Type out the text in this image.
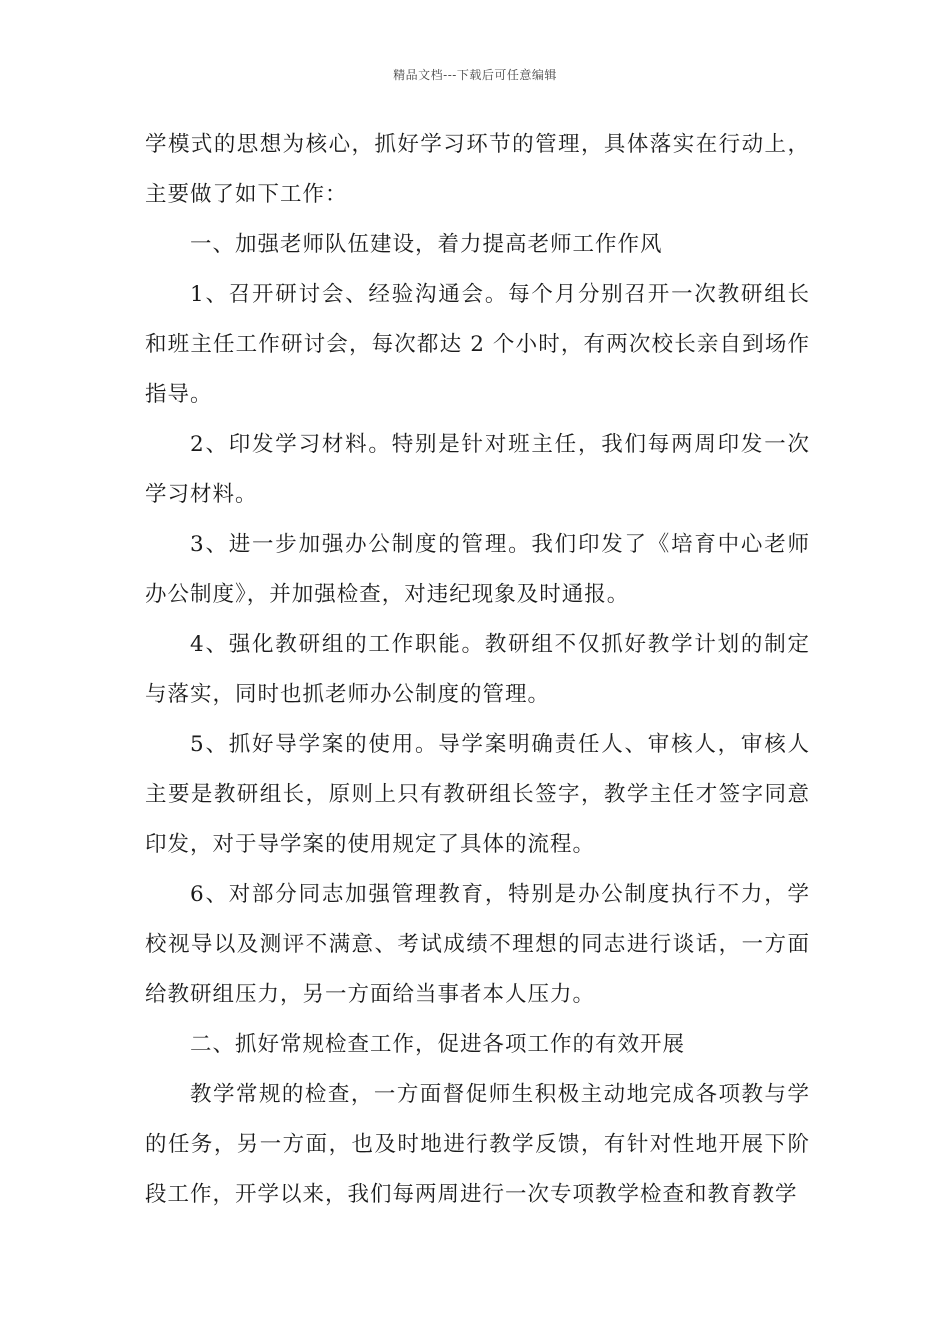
精品文档---下载后可任意编辑

学模式的思想为核心，抓好学习环节的管理，具体落实在行动上，主要做了如下工作：

一、加强老师队伍建设，着力提高老师工作作风

1、召开研讨会、经验沟通会。每个月分别召开一次教研组长和班主任工作研讨会，每次都达 2 个小时，有两次校长亲自到场作指导。

2、印发学习材料。特别是针对班主任，我们每两周印发一次学习材料。

3、进一步加强办公制度的管理。我们印发了《培育中心老师办公制度》，并加强检查，对违纪现象及时通报。

4、强化教研组的工作职能。教研组不仅抓好教学计划的制定与落实，同时也抓老师办公制度的管理。

5、抓好导学案的使用。导学案明确责任人、审核人，审核人主要是教研组长，原则上只有教研组长签字，教学主任才签字同意印发，对于导学案的使用规定了具体的流程。

6、对部分同志加强管理教育，特别是办公制度执行不力，学校视导以及测评不满意、考试成绩不理想的同志进行谈话，一方面给教研组压力，另一方面给当事者本人压力。

二、抓好常规检查工作，促进各项工作的有效开展

教学常规的检查，一方面督促师生积极主动地完成各项教与学的任务，另一方面，也及时地进行教学反馈，有针对性地开展下阶段工作，开学以来，我们每两周进行一次专项教学检查和教育教学
